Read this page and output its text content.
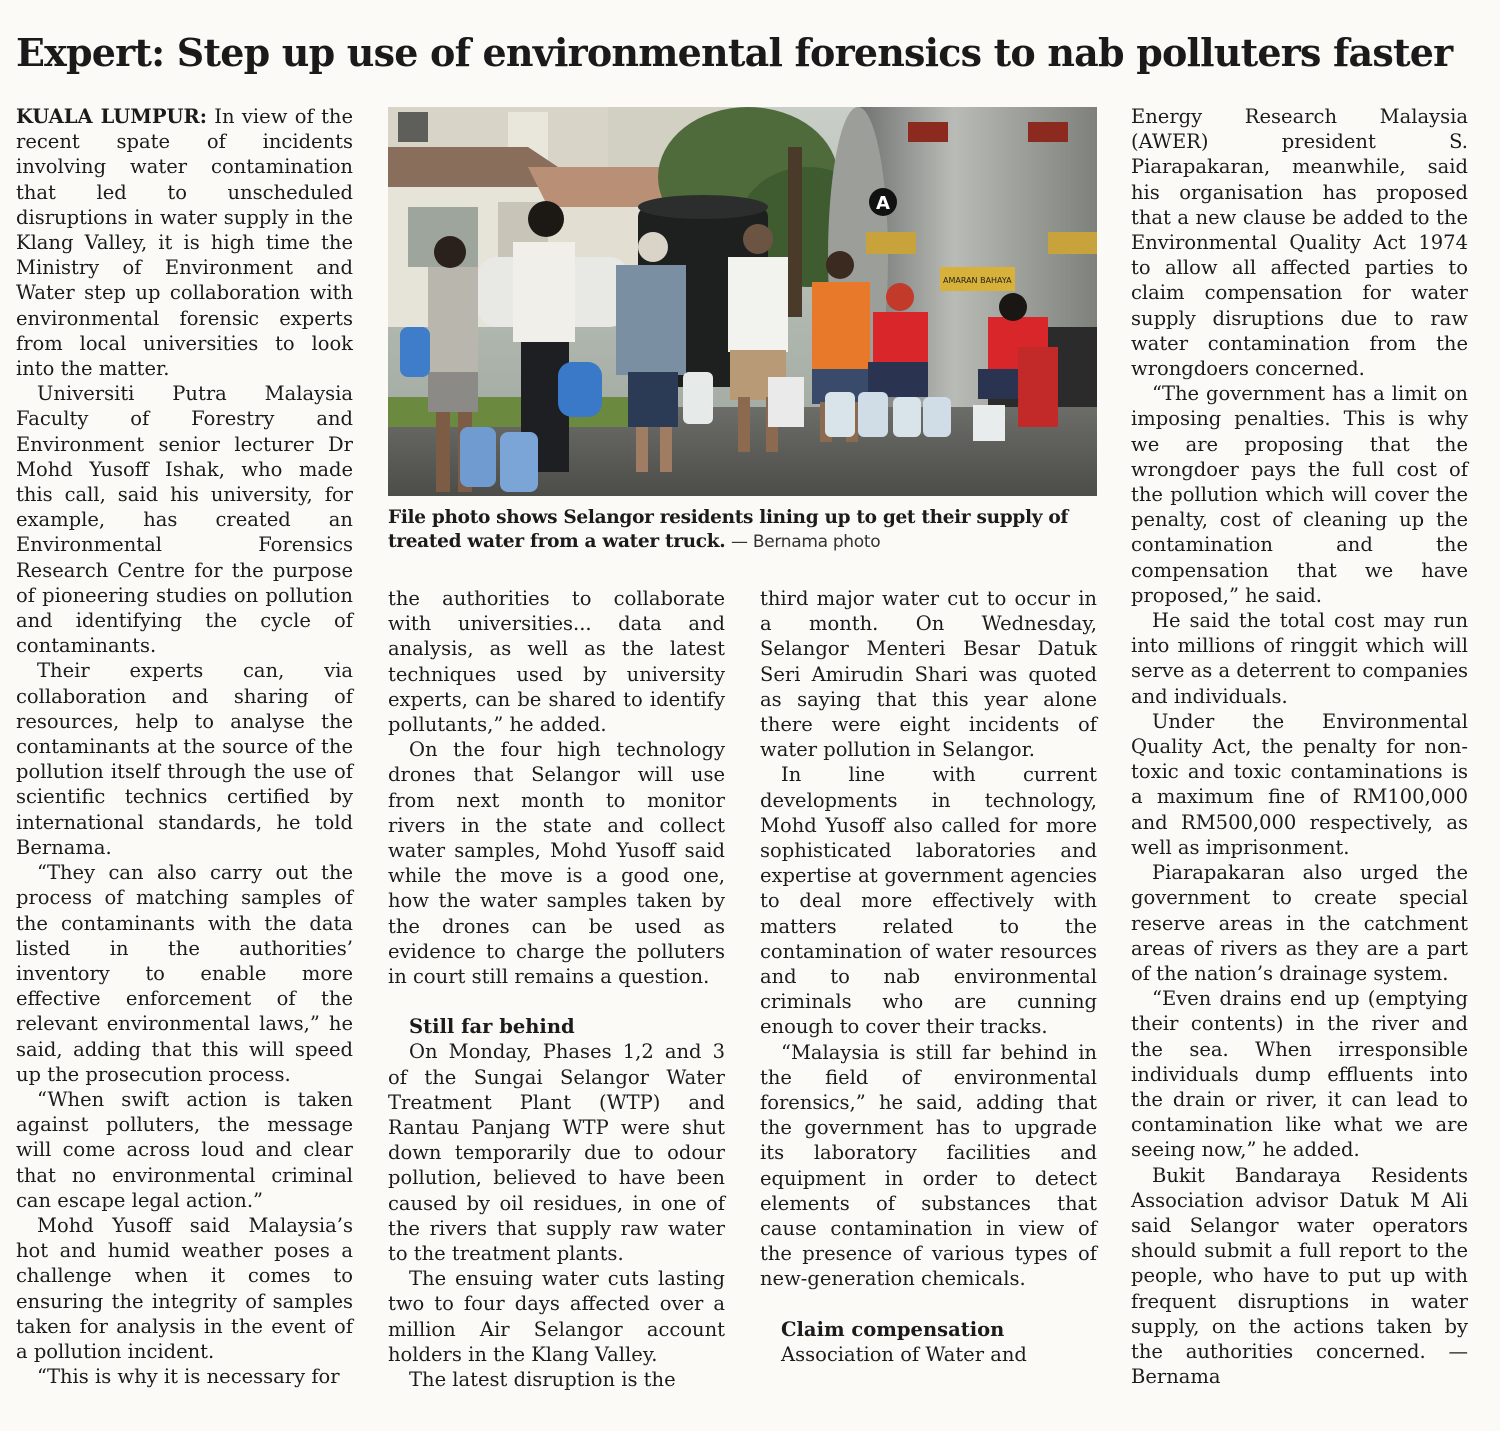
Expert: Step up use of environmental forensics to nab polluters faster

KUALA LUMPUR: In view of the recent spate of incidents involving water contamination that led to unscheduled disruptions in water supply in the Klang Valley, it is high time the Ministry of Environment and Water step up collaboration with environmental forensic experts from local universities to look into the matter.

Universiti Putra Malaysia Faculty of Forestry and Environment senior lecturer Dr Mohd Yusoff Ishak, who made this call, said his university, for example, has created an Environmental Forensics Research Centre for the purpose of pioneering studies on pollution and identifying the cycle of contaminants.

Their experts can, via collaboration and sharing of resources, help to analyse the contaminants at the source of the pollution itself through the use of scientific technics certified by international standards, he told Bernama.

“They can also carry out the process of matching samples of the contaminants with the data listed in the authorities’ inventory to enable more effective enforcement of the relevant environmental laws,” he said, adding that this will speed up the prosecution process.

“When swift action is taken against polluters, the message will come across loud and clear that no environmental criminal can escape legal action.”

Mohd Yusoff said Malaysia’s hot and humid weather poses a challenge when it comes to ensuring the integrity of samples taken for analysis in the event of a pollution incident.

“This is why it is necessary for

A
AMARAN BAHAYA
File photo shows Selangor residents lining up to get their supply of treated water from a water truck. — Bernama photo

the authorities to collaborate with universities... data and analysis, as well as the latest techniques used by university experts, can be shared to identify pollutants,” he added.

On the four high technology drones that Selangor will use from next month to monitor rivers in the state and collect water samples, Mohd Yusoff said while the move is a good one, how the water samples taken by the drones can be used as evidence to charge the polluters in court still remains a question.

Still far behind

On Monday, Phases 1,2 and 3 of the Sungai Selangor Water Treatment Plant (WTP) and Rantau Panjang WTP were shut down temporarily due to odour pollution, believed to have been caused by oil residues, in one of the rivers that supply raw water to the treatment plants.

The ensuing water cuts lasting two to four days affected over a million Air Selangor account holders in the Klang Valley.

The latest disruption is the

third major water cut to occur in a month. On Wednesday, Selangor Menteri Besar Datuk Seri Amirudin Shari was quoted as saying that this year alone there were eight incidents of water pollution in Selangor.

In line with current developments in technology, Mohd Yusoff also called for more sophisticated laboratories and expertise at government agencies to deal more effectively with matters related to the contamination of water resources and to nab environmental criminals who are cunning enough to cover their tracks.

“Malaysia is still far behind in the field of environmental forensics,” he said, adding that the government has to upgrade its laboratory facilities and equipment in order to detect elements of substances that cause contamination in view of the presence of various types of new-generation chemicals.

Claim compensation

Association of Water and

Energy Research Malaysia (AWER) president S. Piarapakaran, meanwhile, said his organisation has proposed that a new clause be added to the Environmental Quality Act 1974 to allow all affected parties to claim compensation for water supply disruptions due to raw water contamination from the wrongdoers concerned.

“The government has a limit on imposing penalties. This is why we are proposing that the wrongdoer pays the full cost of the pollution which will cover the penalty, cost of cleaning up the contamination and the compensation that we have proposed,” he said.

He said the total cost may run into millions of ringgit which will serve as a deterrent to companies and individuals.

Under the Environmental Quality Act, the penalty for non-toxic and toxic contaminations is a maximum fine of RM100,000 and RM500,000 respectively, as well as imprisonment.

Piarapakaran also urged the government to create special reserve areas in the catchment areas of rivers as they are a part of the nation’s drainage system.

“Even drains end up (emptying their contents) in the river and the sea. When irresponsible individuals dump effluents into the drain or river, it can lead to contamination like what we are seeing now,” he added.

Bukit Bandaraya Residents Association advisor Datuk M Ali said Selangor water operators should submit a full report to the people, who have to put up with frequent disruptions in water supply, on the actions taken by the authorities concerned. — Bernama
